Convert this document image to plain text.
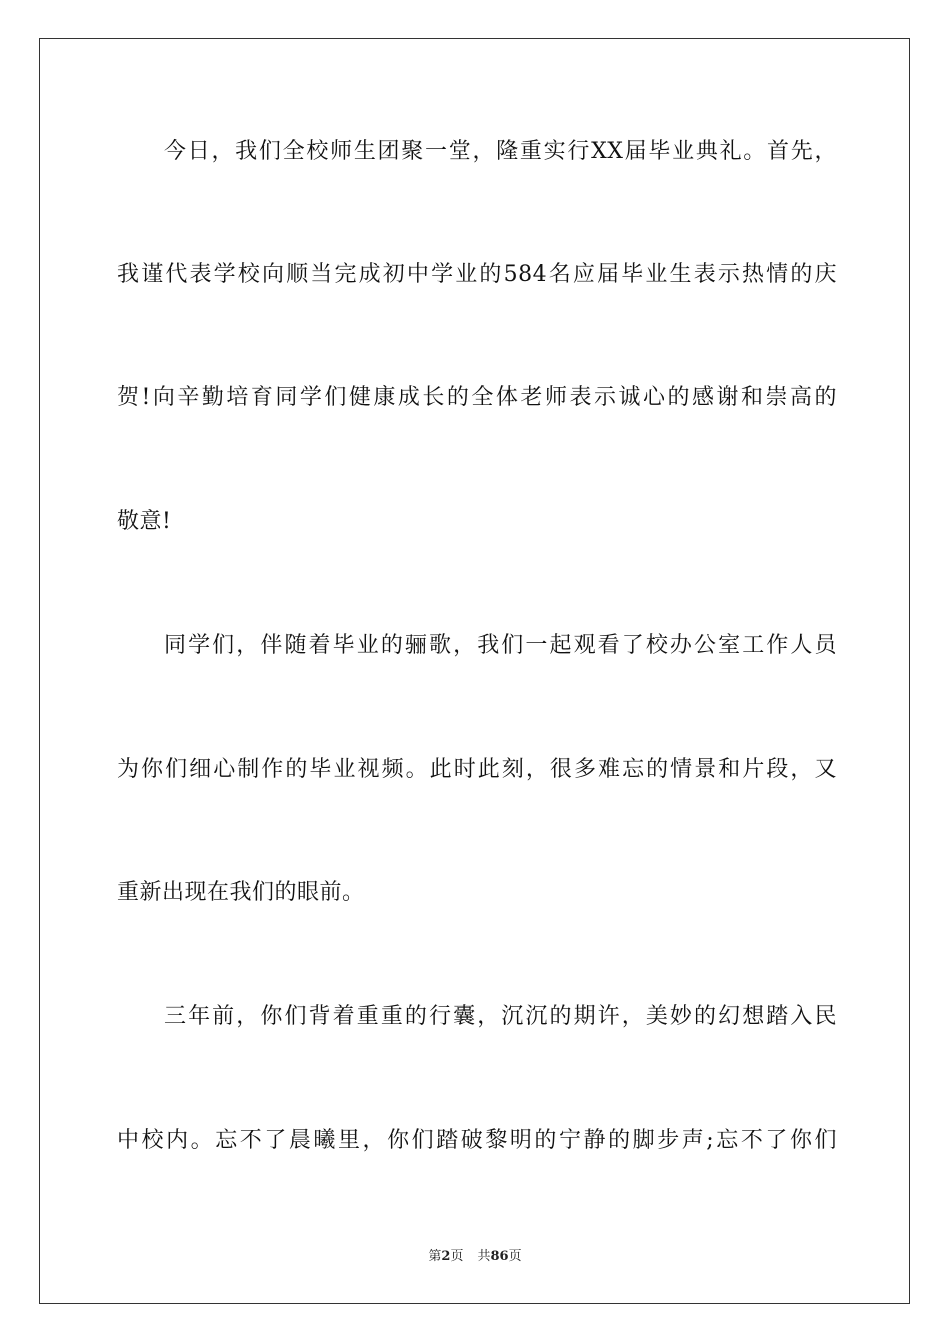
今日，我们全校师生团聚一堂，隆重实行XX届毕业典礼。首先，
我谨代表学校向顺当完成初中学业的584名应届毕业生表示热情的庆
贺!向辛勤培育同学们健康成长的全体老师表示诚心的感谢和崇高的
敬意!
同学们，伴随着毕业的骊歌，我们一起观看了校办公室工作人员
为你们细心制作的毕业视频。此时此刻，很多难忘的情景和片段，又
重新出现在我们的眼前。
三年前，你们背着重重的行囊，沉沉的期许，美妙的幻想踏入民
中校内。忘不了晨曦里，你们踏破黎明的宁静的脚步声;忘不了你们
第2页 共86页
